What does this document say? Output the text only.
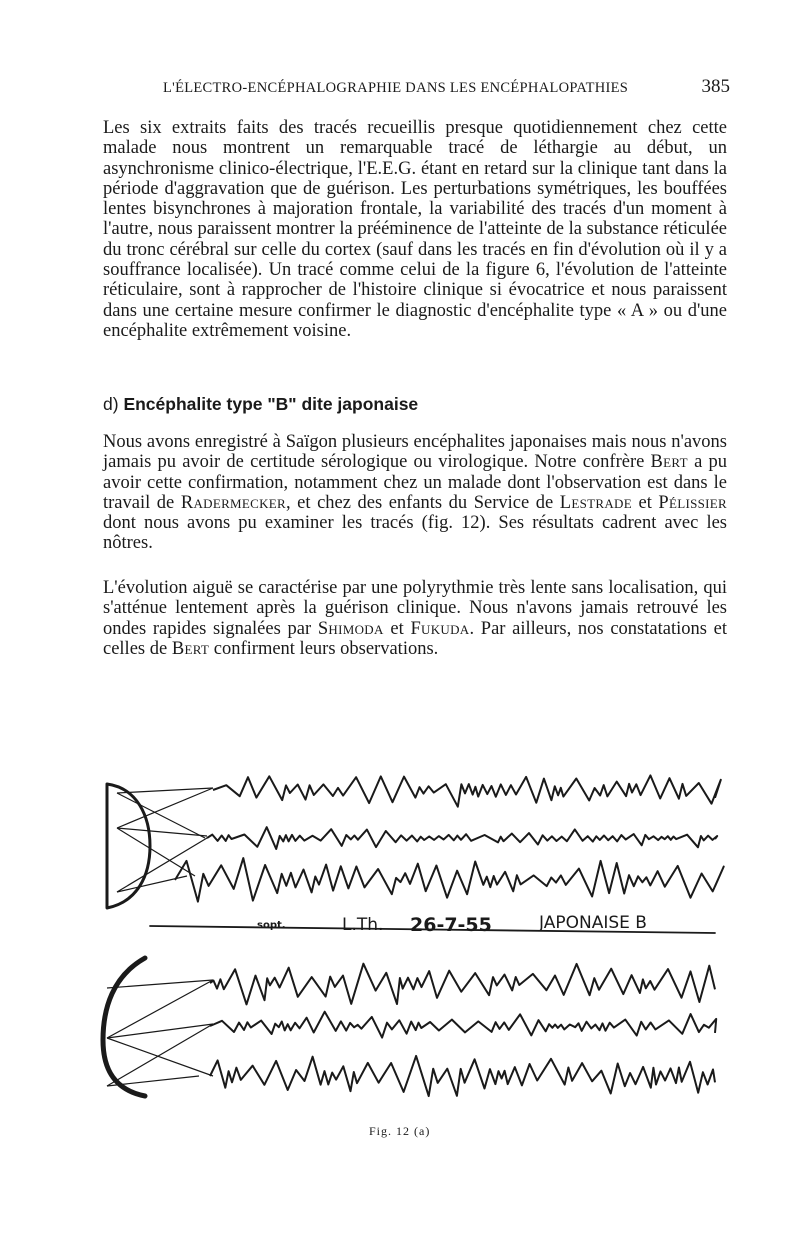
L'ÉLECTRO-ENCÉPHALOGRAPHIE DANS LES ENCÉPHALOPATHIES	385

Les six extraits faits des tracés recueillis presque quotidiennement chez cette malade nous montrent un remarquable tracé de léthargie au début, un asynchronisme clinico-électrique, l'E.E.G. étant en retard sur la clinique tant dans la période d'aggravation que de guérison. Les perturbations symétriques, les bouffées lentes bisynchrones à majoration frontale, la variabilité des tracés d'un moment à l'autre, nous paraissent montrer la prééminence de l'atteinte de la substance réticulée du tronc cérébral sur celle du cortex (sauf dans les tracés en fin d'évolution où il y a souffrance localisée). Un tracé comme celui de la figure 6, l'évolution de l'atteinte réticulaire, sont à rapprocher de l'histoire clinique si évocatrice et nous paraissent dans une certaine mesure confirmer le diagnostic d'encéphalite type « A » ou d'une encéphalite extrêmement voisine.

d) Encéphalite type "B" dite japonaise

Nous avons enregistré à Saïgon plusieurs encéphalites japonaises mais nous n'avons jamais pu avoir de certitude sérologique ou virologique. Notre confrère Bert a pu avoir cette confirmation, notamment chez un malade dont l'observation est dans le travail de Radermecker, et chez des enfants du Service de Lestrade et Pélissier dont nous avons pu examiner les tracés (fig. 12). Ses résultats cadrent avec les nôtres.

L'évolution aiguë se caractérise par une polyrythmie très lente sans localisation, qui s'atténue lentement après la guérison clinique. Nous n'avons jamais retrouvé les ondes rapides signalées par Shimoda et Fukuda. Par ailleurs, nos constatations et celles de Bert confirment leurs observations.

sopt.	L.Th. 26-7-55	JAPONAISE B
Fig. 12 (a)
